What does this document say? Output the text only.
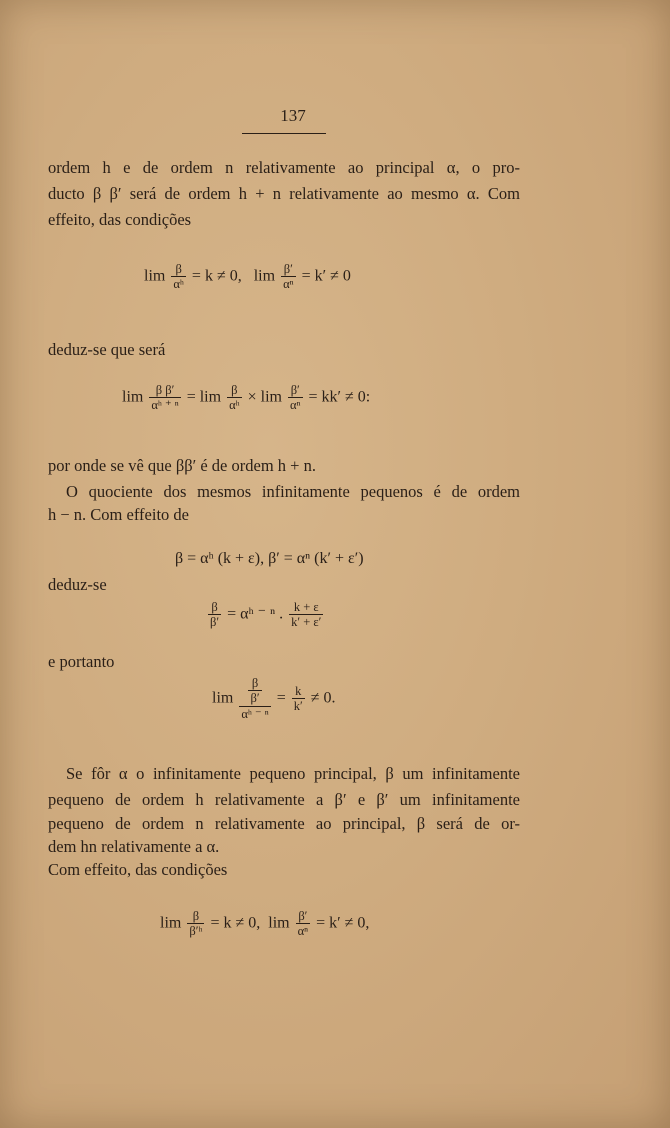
137
ordem h e de ordem n relativamente ao principal α, o pro-
ducto β β′ será de ordem h + n relativamente ao mesmo α. Com
effeito, das condições
$\lim \frac{\beta}{\text{αʰ}} = k \ne 0$, $\lim \frac{\beta'}{\text{αⁿ}} = k' \ne 0$
deduz-se que será
$\lim \frac{\text{β β′}}{\text{αʰ ⁺ ⁿ}} = \lim \frac{\beta}{\text{αʰ}} \times \lim \frac{\beta'}{\text{αⁿ}} = kk' \ne 0$:
por onde se vê que ββ′ é de ordem h + n.
O quociente dos mesmos infinitamente pequenos é de ordem
h − n. Com effeito de
β = αʰ (k + ε), β′ = αⁿ (k′ + ε′)
deduz-se
$\frac{\beta}{\beta'}$ = αʰ ⁻ ⁿ . $\frac{k + \varepsilon}{k' + \varepsilon'}$
e portanto
$\lim \frac{\frac{\beta}{\beta'}}{\text{αʰ ⁻ ⁿ}} = \frac{k}{k'} \ne 0$.
Se fôr α o infinitamente pequeno principal, β um infinitamente
pequeno de ordem h relativamente a β′ e β′ um infinitamente
pequeno de ordem n relativamente ao principal, β será de or-
dem hn relativamente a α.
Com effeito, das condições
$\lim \frac{\beta}{\text{β′ʰ}} = k \ne 0$, $\lim \frac{\beta'}{\text{αⁿ}} = k' \ne 0$,
